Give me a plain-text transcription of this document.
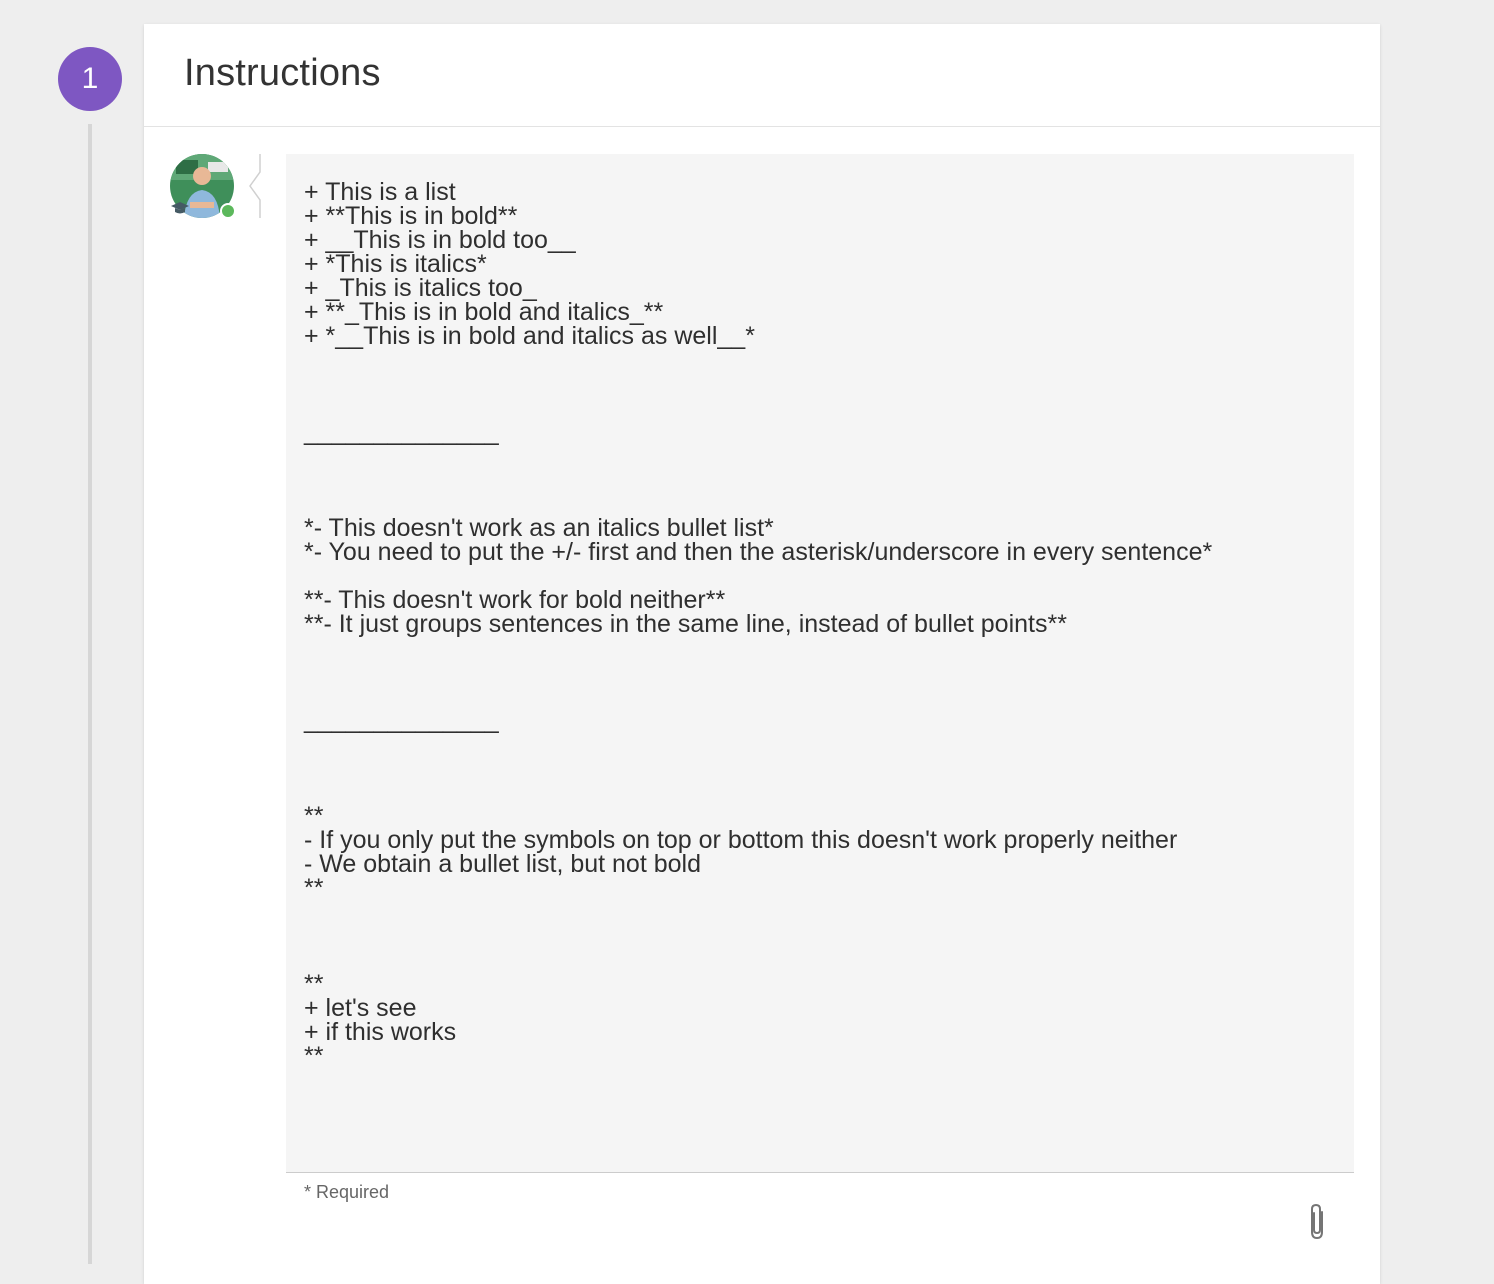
1	Instructions
+ This is a list
+ **This is in bold**
+ __This is in bold too__
+ *This is italics*
+ _This is italics too_
+ **_This is in bold and italics_**
+ *__This is in bold and italics as well__*

______________

*- This doesn't work as an italics bullet list*
*- You need to put the +/- first and then the asterisk/underscore in every sentence*

**- This doesn't work for bold neither**
**- It just groups sentences in the same line, instead of bullet points**

______________

**
- If you only put the symbols on top or bottom this doesn't work properly neither
- We obtain a bullet list, but not bold
**

**
+ let's see
+ if this works
**
* Required
